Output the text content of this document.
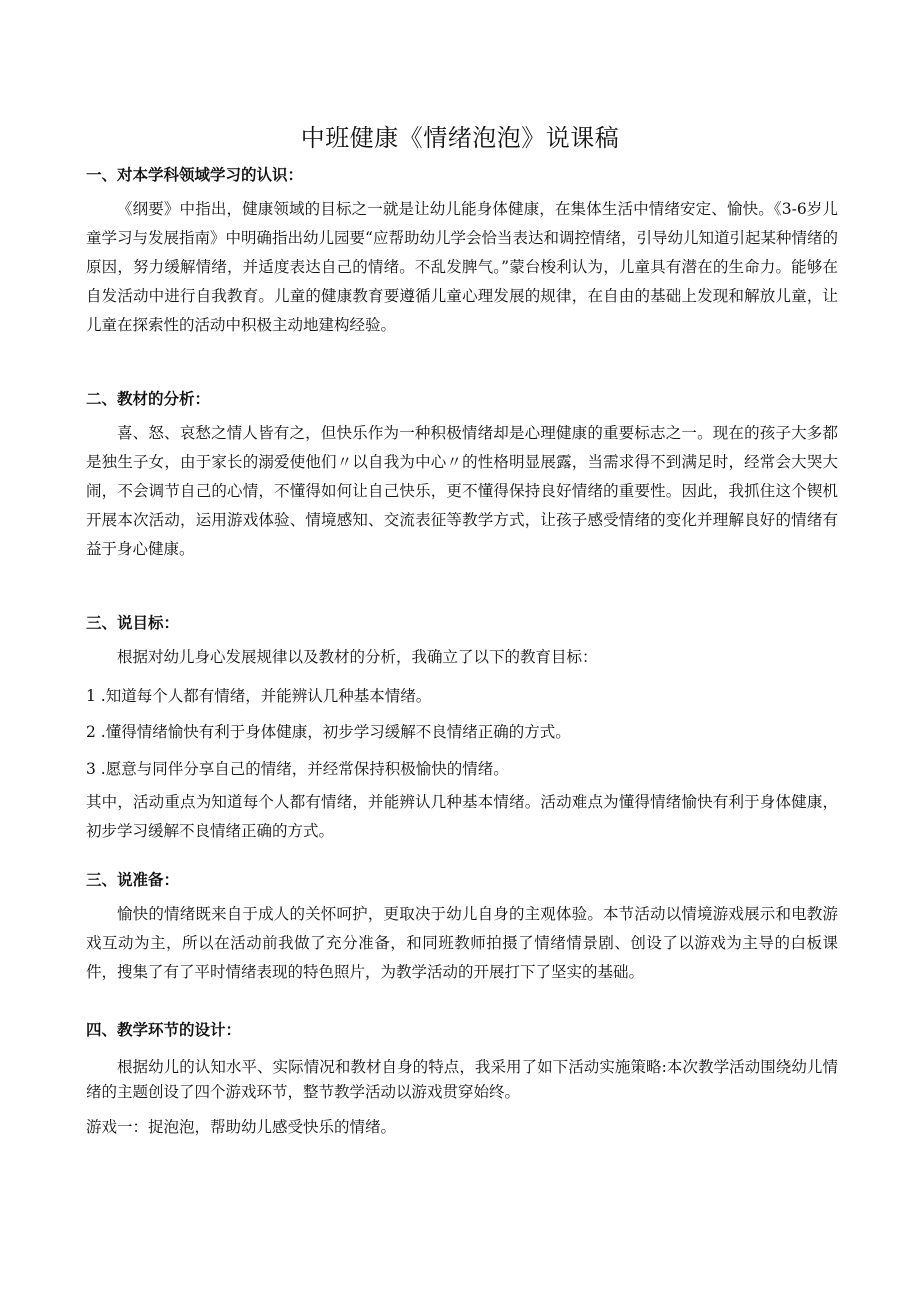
中班健康《情绪泡泡》说课稿
一、对本学科领域学习的认识：
《纲要》中指出，健康领域的目标之一就是让幼儿能身体健康，在集体生活中情绪安定、愉快。《3-6岁儿童学习与发展指南》中明确指出幼儿园要“应帮助幼儿学会恰当表达和调控情绪，引导幼儿知道引起某种情绪的原因，努力缓解情绪，并适度表达自己的情绪。不乱发脾气。”蒙台梭利认为，儿童具有潜在的生命力。能够在自发活动中进行自我教育。儿童的健康教育要遵循儿童心理发展的规律，在自由的基础上发现和解放儿童，让儿童在探索性的活动中积极主动地建构经验。
二、教材的分析：
喜、怒、哀愁之情人皆有之，但快乐作为一种积极情绪却是心理健康的重要标志之一。现在的孩子大多都是独生子女，由于家长的溺爱使他们〃以自我为中心〃的性格明显展露，当需求得不到满足时，经常会大哭大闹，不会调节自己的心情，不懂得如何让自己快乐，更不懂得保持良好情绪的重要性。因此，我抓住这个锲机开展本次活动，运用游戏体验、情境感知、交流表征等教学方式，让孩子感受情绪的变化并理解良好的情绪有益于身心健康。
三、说目标：
根据对幼儿身心发展规律以及教材的分析，我确立了以下的教育目标：
1 .知道每个人都有情绪，并能辨认几种基本情绪。
2 .懂得情绪愉快有利于身体健康，初步学习缓解不良情绪正确的方式。
3 .愿意与同伴分享自己的情绪，并经常保持积极愉快的情绪。
其中，活动重点为知道每个人都有情绪，并能辨认几种基本情绪。活动难点为懂得情绪愉快有利于身体健康，初步学习缓解不良情绪正确的方式。
三、说准备：
愉快的情绪既来自于成人的关怀呵护，更取决于幼儿自身的主观体验。本节活动以情境游戏展示和电教游戏互动为主，所以在活动前我做了充分准备，和同班教师拍摄了情绪情景剧、创设了以游戏为主导的白板课件，搜集了有了平时情绪表现的特色照片，为教学活动的开展打下了坚实的基础。
四、教学环节的设计：
根据幼儿的认知水平、实际情况和教材自身的特点，我采用了如下活动实施策略:本次教学活动围绕幼儿情绪的主题创设了四个游戏环节，整节教学活动以游戏贯穿始终。
游戏一：捉泡泡，帮助幼儿感受快乐的情绪。
